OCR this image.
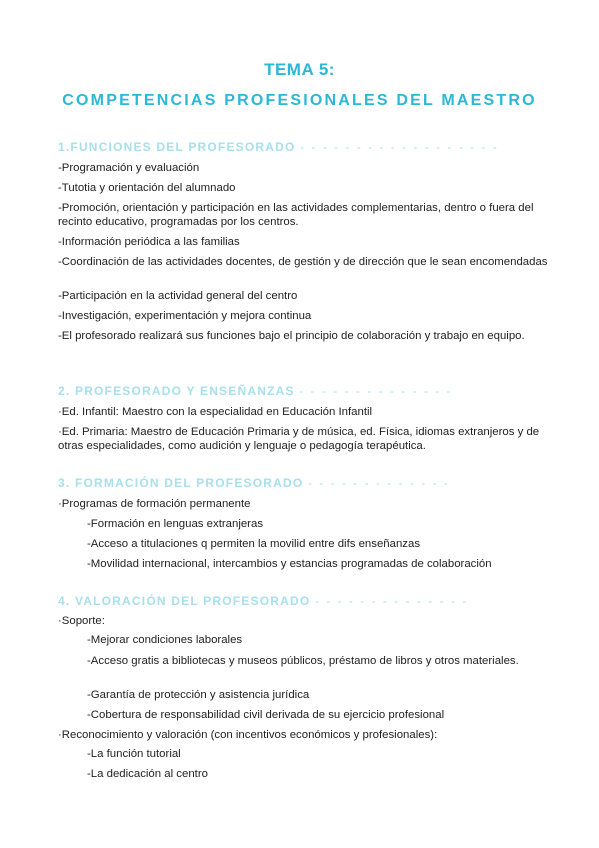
TEMA 5:
COMPETENCIAS PROFESIONALES DEL MAESTRO
1.FUNCIONES DEL PROFESORADO - - - - - - - - - - - - - - - - - -
-Programación y evaluación
-Tutotia y orientación del alumnado
-Promoción, orientación y participación en las actividades complementarias, dentro o fuera del recinto educativo, programadas por los centros.
-Información periódica a las familias
-Coordinación de las actividades docentes, de gestión y de dirección que le sean encomendadas
-Participación en la actividad general del centro
-Investigación, experimentación y mejora continua
-El profesorado realizará sus funciones bajo el principio de colaboración y trabajo en equipo.
2. PROFESORADO Y ENSEÑANZAS - - - - - - - - - - - - - -
·Ed. Infantil: Maestro con la especialidad en Educación Infantil
·Ed. Primaria: Maestro de Educación Primaria y de música, ed. Física, idiomas extranjeros y de otras especialidades, como audición y lenguaje o pedagogía terapéutica.
3. FORMACIÓN DEL PROFESORADO - - - - - - - - - - - - -
·Programas de formación permanente
-Formación en lenguas extranjeras
-Acceso a titulaciones q permiten la movilid entre difs enseñanzas
-Movilidad internacional, intercambios y estancias programadas de colaboración
4. VALORACIÓN DEL PROFESORADO - - - - - - - - - - - - - -
·Soporte:
-Mejorar condiciones laborales
-Acceso gratis a bibliotecas y museos públicos, préstamo de libros y otros materiales.
-Garantía de protección y asistencia jurídica
-Cobertura de responsabilidad civil derivada de su ejercicio profesional
·Reconocimiento y valoración (con incentivos económicos y profesionales):
-La función tutorial
-La dedicación al centro
